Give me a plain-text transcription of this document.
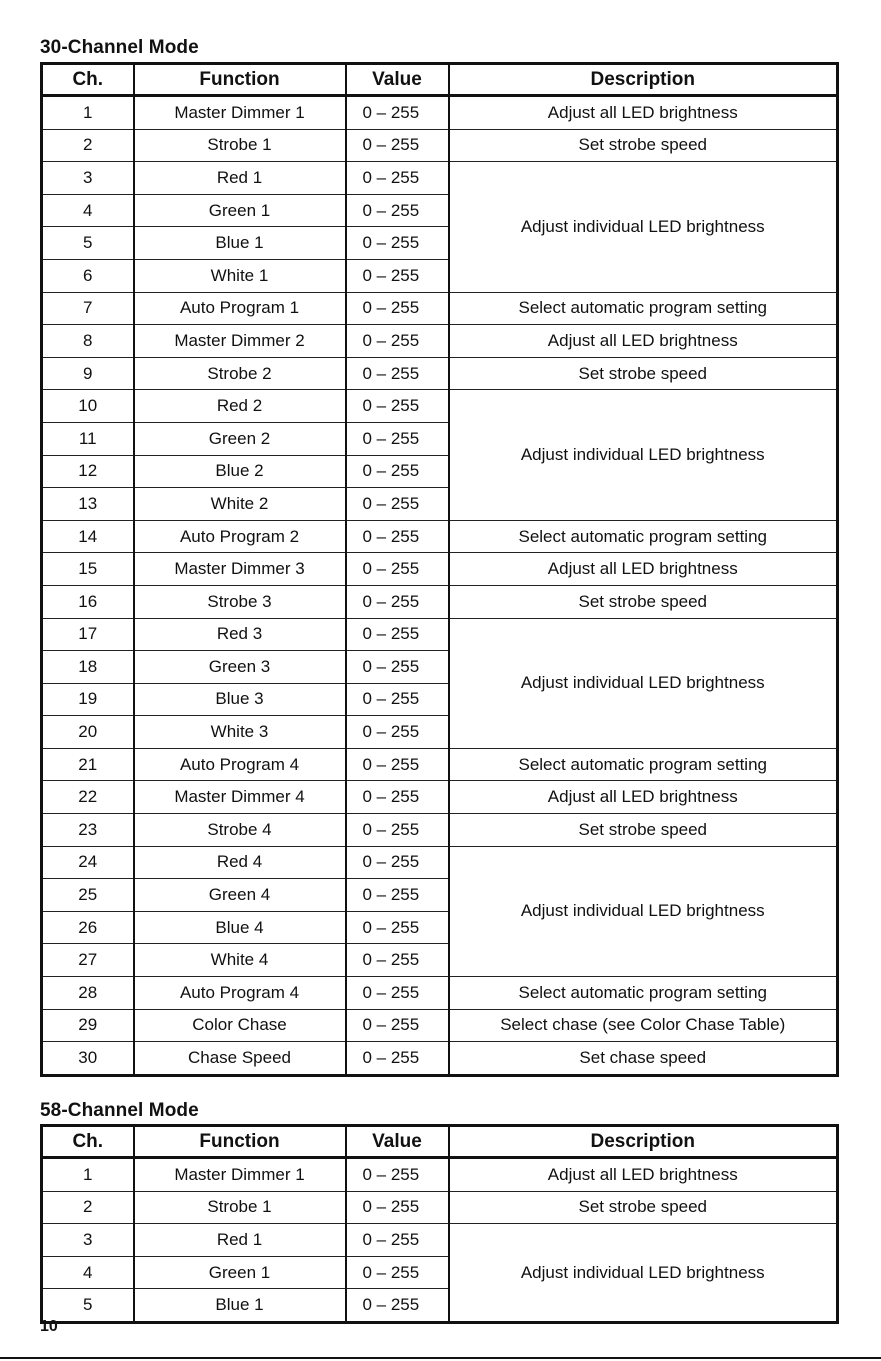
30-Channel Mode
Ch.	Function	Value	Description
1	Master Dimmer 1	0 – 255	Adjust all LED brightness
2	Strobe 1	0 – 255	Set strobe speed
3	Red 1	0 – 255	Adjust individual LED brightness
4	Green 1	0 – 255	
5	Blue 1	0 – 255	
6	White 1	0 – 255	
7	Auto Program 1	0 – 255	Select automatic program setting
8	Master Dimmer 2	0 – 255	Adjust all LED brightness
9	Strobe 2	0 – 255	Set strobe speed
10	Red 2	0 – 255	Adjust individual LED brightness
11	Green 2	0 – 255	
12	Blue 2	0 – 255	
13	White 2	0 – 255	
14	Auto Program 2	0 – 255	Select automatic program setting
15	Master Dimmer 3	0 – 255	Adjust all LED brightness
16	Strobe 3	0 – 255	Set strobe speed
17	Red 3	0 – 255	Adjust individual LED brightness
18	Green 3	0 – 255	
19	Blue 3	0 – 255	
20	White 3	0 – 255	
21	Auto Program 4	0 – 255	Select automatic program setting
22	Master Dimmer 4	0 – 255	Adjust all LED brightness
23	Strobe 4	0 – 255	Set strobe speed
24	Red 4	0 – 255	Adjust individual LED brightness
25	Green 4	0 – 255	
26	Blue 4	0 – 255	
27	White 4	0 – 255	
28	Auto Program 4	0 – 255	Select automatic program setting
29	Color Chase	0 – 255	Select chase (see Color Chase Table)
30	Chase Speed	0 – 255	Set chase speed
58-Channel Mode
Ch.	Function	Value	Description
1	Master Dimmer 1	0 – 255	Adjust all LED brightness
2	Strobe 1	0 – 255	Set strobe speed
3	Red 1	0 – 255	Adjust individual LED brightness
4	Green 1	0 – 255	
5	Blue 1	0 – 255	

10
